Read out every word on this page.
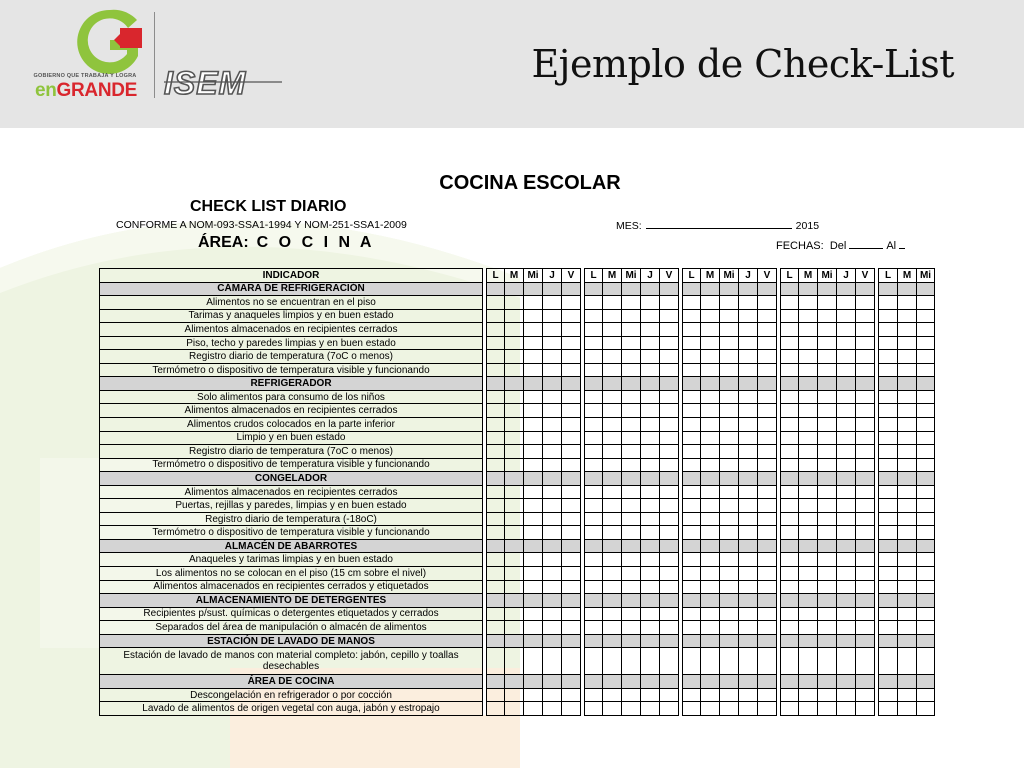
GOBIERNO QUE TRABAJA Y LOGRA
enGRANDE ISEM	Ejemplo de Check-List
COCINA ESCOLAR
CHECK LIST DIARIO
CONFORME A NOM-093-SSA1-1994 Y NOM-251-SSA1-2009
ÁREA: C O C I N A
MES:	2015
FECHAS: Del	Al
INDICADOR		L	M	Mi	J	V		L	M	Mi	J	V		L	M	Mi	J	V		L	M	Mi	J	V		L	M	Mi
CÁMARA DE REFRIGERACIÓN																												
Alimentos no se encuentran en el piso																												
Tarimas y anaqueles limpios y en buen estado																												
Alimentos almacenados en recipientes cerrados																												
Piso, techo y paredes limpias y en buen estado																												
Registro diario de temperatura (7oC o menos)																												
Termómetro o dispositivo de temperatura visible y funcionando																												
REFRIGERADOR																												
Solo alimentos para consumo de los niños																												
Alimentos almacenados en recipientes cerrados																												
Alimentos crudos colocados en la parte inferior																												
Limpio y en buen estado																												
Registro diario de temperatura (7oC o menos)																												
Termómetro o dispositivo de temperatura visible y funcionando																												
CONGELADOR																												
Alimentos almacenados en recipientes cerrados																												
Puertas, rejillas y paredes, limpias y en buen estado																												
Registro diario de temperatura (-18oC)																												
Termómetro o dispositivo de temperatura visible y funcionando																												
ALMACÉN DE ABARROTES																												
Anaqueles y tarimas limpias y en buen estado																												
Los alimentos no se colocan en el piso (15 cm sobre el nivel)																												
Alimentos almacenados en recipientes cerrados y etiquetados																												
ALMACENAMIENTO DE DETERGENTES																												
Recipientes p/sust. químicas o detergentes etiquetados y cerrados																												
Separados del área de manipulación o almacén de alimentos																												
ESTACIÓN DE LAVADO DE MANOS																												
Estación de lavado de manos con material completo: jabón, cepillo y toallas desechables																												
ÁREA DE COCINA																												
Descongelación en refrigerador o por cocción																												
Lavado de alimentos de origen vegetal con auga, jabón y estropajo																												
